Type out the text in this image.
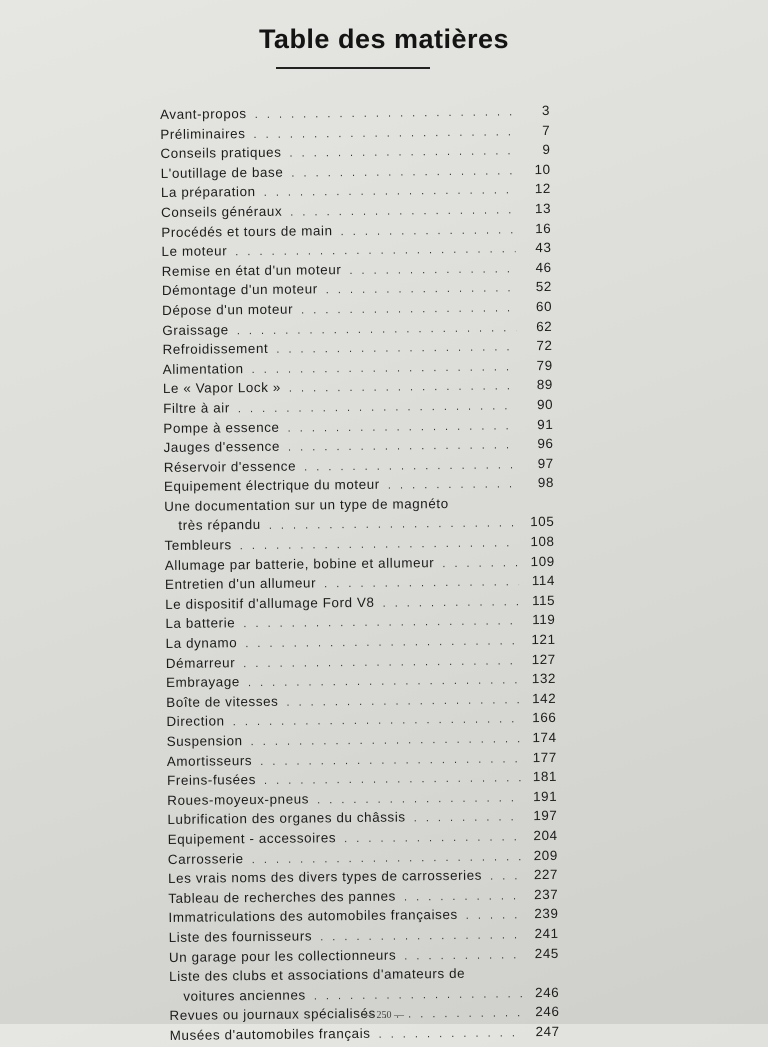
Table des matières
Avant-propos . . .	3
Préliminaires . . .	7
Conseils pratiques . . .	9
L'outillage de base . . .	10
La préparation . . .	12
Conseils généraux . . .	13
Procédés et tours de main . . .	16
Le moteur . . .	43
Remise en état d'un moteur . . .	46
Démontage d'un moteur . . .	52
Dépose d'un moteur . . .	60
Graissage . . .	62
Refroidissement . . .	72
Alimentation . . .	79
Le « Vapor Lock » . . .	89
Filtre à air . . .	90
Pompe à essence . . .	91
Jauges d'essence . . .	96
Réservoir d'essence . . .	97
Equipement électrique du moteur . . .	98
Une documentation sur un type de magnéto
très répandu . . .	105
Tembleurs . . .	108
Allumage par batterie, bobine et allumeur . . .	109
Entretien d'un allumeur . . .	114
Le dispositif d'allumage Ford V8 . . .	115
La batterie . . .	119
La dynamo . . .	121
Démarreur . . .	127
Embrayage . . .	132
Boîte de vitesses . . .	142
Direction . . .	166
Suspension . . .	174
Amortisseurs . . .	177
Freins-fusées . . .	181
Roues-moyeux-pneus . . .	191
Lubrification des organes du châssis . . .	197
Equipement - accessoires . . .	204
Carrosserie . . .	209
Les vrais noms des divers types de carrosseries . . .	227
Tableau de recherches des pannes . . .	237
Immatriculations des automobiles françaises . . .	239
Liste des fournisseurs . . .	241
Un garage pour les collectionneurs . . .	245
Liste des clubs et associations d'amateurs de
voitures anciennes . . .	246
Revues ou journaux spécialisés . . .	246
Musées d'automobiles français . . .	247
— 250 —
